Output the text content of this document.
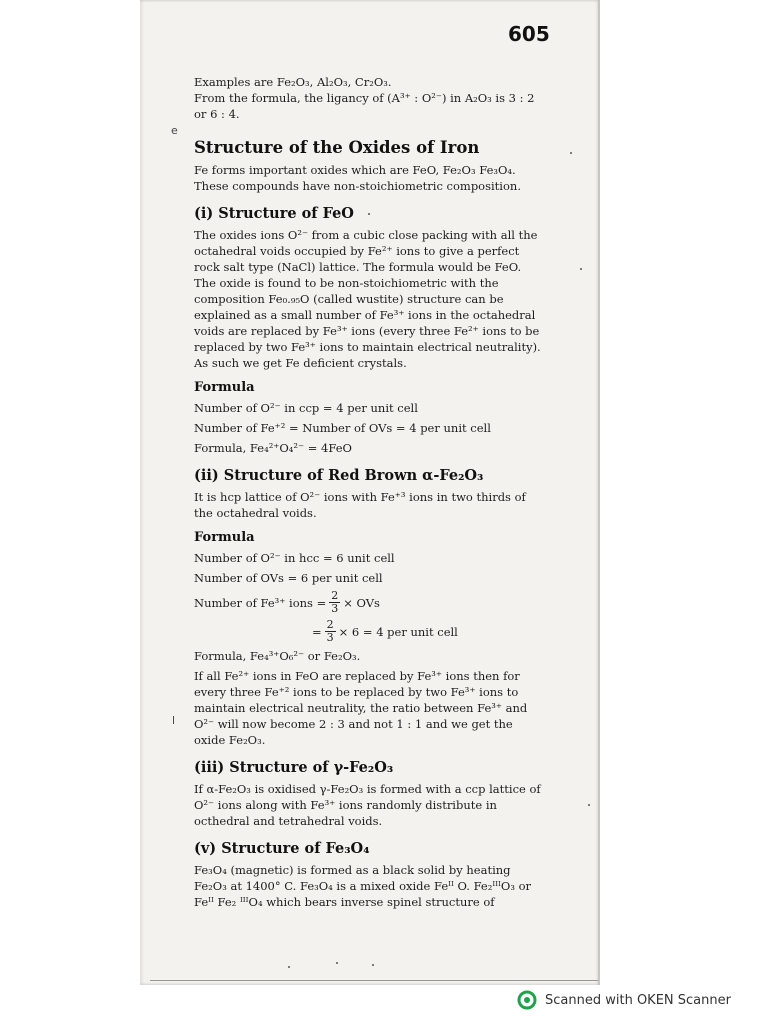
605
e
l

Examples are Fe₂O₃, Al₂O₃, Cr₂O₃.

From the formula, the ligancy of (A³⁺ : O²⁻) in A₂O₃ is 3 : 2 or 6 : 4.

Structure of the Oxides of Iron

Fe forms important oxides which are FeO, Fe₂O₃ Fe₃O₄. These compounds have non-stoichiometric composition.

(i) Structure of FeO

The oxides ions O²⁻ from a cubic close packing with all the octahedral voids occupied by Fe²⁺ ions to give a perfect rock salt type (NaCl) lattice. The formula would be FeO. The oxide is found to be non-stoichiometric with the composition Fe₀.₉₅O (called wustite) structure can be explained as a small number of Fe³⁺ ions in the octahedral voids are replaced by Fe³⁺ ions (every three Fe²⁺ ions to be replaced by two Fe³⁺ ions to maintain electrical neutrality). As such we get Fe deficient crystals.

Formula

Number of O²⁻ in ccp = 4 per unit cell

Number of Fe⁺² = Number of OVs = 4 per unit cell

Formula, Fe₄²⁺O₄²⁻ = 4FeO

(ii) Structure of Red Brown α-Fe₂O₃

It is hcp lattice of O²⁻ ions with Fe⁺³ ions in two thirds of the octahedral voids.

Formula

Number of O²⁻ in hcc = 6 unit cell

Number of OVs = 6 per unit cell

Number of Fe³⁺ ions = $\frac{2}{3}$ × OVs
= $\frac{2}{3} \times 6 = 4$ per unit cell

Formula, Fe₄³⁺O₆²⁻ or Fe₂O₃.

If all Fe²⁺ ions in FeO are replaced by Fe³⁺ ions then for every three Fe⁺² ions to be replaced by two Fe³⁺ ions to maintain electrical neutrality, the ratio between Fe³⁺ and O²⁻ will now become 2 : 3 and not 1 : 1 and we get the oxide Fe₂O₃.

(iii) Structure of γ-Fe₂O₃

If α-Fe₂O₃ is oxidised γ-Fe₂O₃ is formed with a ccp lattice of O²⁻ ions along with Fe³⁺ ions randomly distribute in octhedral and tetrahedral voids.

(v) Structure of Fe₃O₄

Fe₃O₄ (magnetic) is formed as a black solid by heating Fe₂O₃ at 1400° C. Fe₃O₄ is a mixed oxide Feᴵᴵ O. Fe₂ᴵᴵᴵO₃ or Feᴵᴵ Fe₂ ᴵᴵᴵO₄ which bears inverse spinel structure of

Scanned with OKEN Scanner
